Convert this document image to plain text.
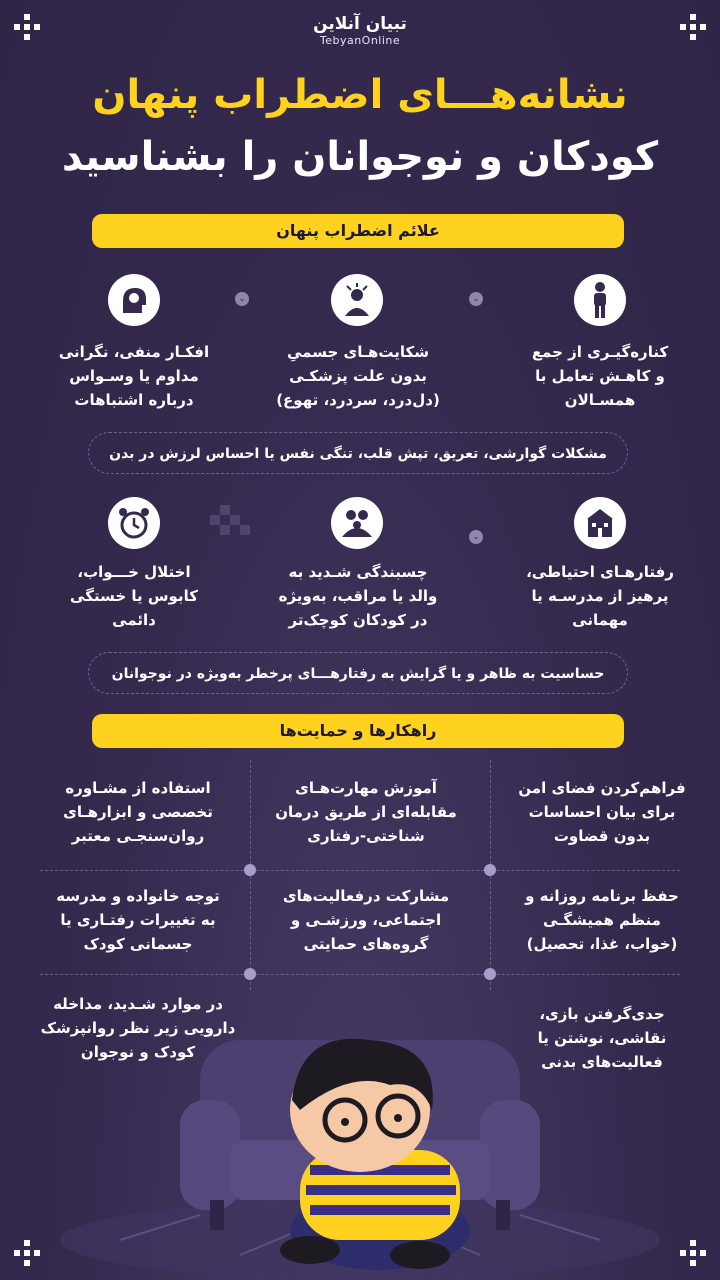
تبیان آنلاین
TebyanOnline
نشانه‌هـــای اضطراب پنهان
کودکان و نوجوانان را بشناسید
علائم اضطراب پنهان
⌄
⌄
کناره‌گیـری از جمع
و کاهـش تعامل با
همسـالان
شکایت‌هـای جسمیِ
بدون علت پزشکـی
(دل‌درد، سردرد، تهوع)
افکـار منفی، نگرانی
مداوم یا وسـواس
درباره اشتباهات
مشکلات گوارشی، تعریق، تپش قلب، تنگی نفس یا احساس لرزش در بدن
⌄
رفتارهـای احتیاطی،
پرهیز از مدرسـه یا
مهمانی
چسبندگی شـدید به
والد یا مراقب، به‌ویژه
در کودکان کوچک‌تر
اختلال خـــواب،
کابوس یا خستگی
دائمی
حساسیت به ظاهر و یا گرایش به رفتارهـــای پرخطر به‌ویژه در نوجوانان
راهکارها و حمایت‌ها
فراهم‌کردن فضای امن
برای بیان احساسات
بدون قضاوت
آموزش مهارت‌هـای
مقابله‌ای از طریق درمان
شناختی-رفتاری
استفاده از مشـاوره
تخصصی و ابزارهـای
روان‌سنجـی معتبر
حفظ برنامه روزانه و
منظم همیشگـی
(خواب، غذا، تحصیل)
مشارکت درفعالیت‌های
اجتماعی، ورزشـی و
گروه‌های حمایتی
توجه خانواده و مدرسه
به تغییرات رفتـاری یا
جسمانی کودک
جدی‌گرفتن بازی،
نقاشی، نوشتن یا
فعالیت‌های بدنی
در موارد شـدید، مداخله
دارویی زیر نظر روانپزشک
کودک و نوجوان
